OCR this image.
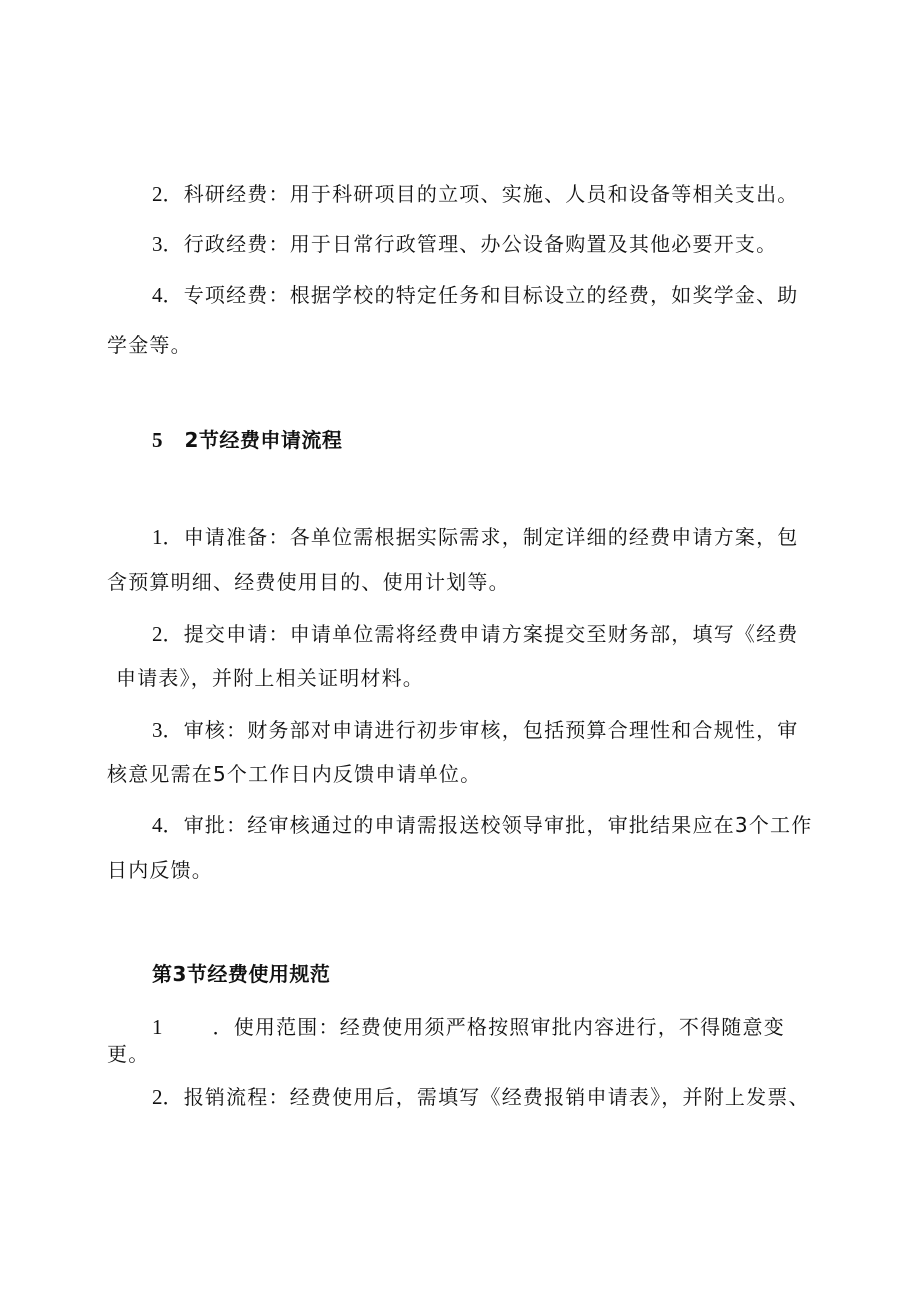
2．科研经费：用于科研项目的立项、实施、人员和设备等相关支出。
3．行政经费：用于日常行政管理、办公设备购置及其他必要开支。
4．专项经费：根据学校的特定任务和目标设立的经费，如奖学金、助
学金等。
5 2节经费申请流程
1．申请准备：各单位需根据实际需求，制定详细的经费申请方案，包
含预算明细、经费使用目的、使用计划等。
2．提交申请：申请单位需将经费申请方案提交至财务部，填写《经费
申请表》，并附上相关证明材料。
3．审核：财务部对申请进行初步审核，包括预算合理性和合规性，审
核意见需在5个工作日内反馈申请单位。
4．审批：经审核通过的申请需报送校领导审批，审批结果应在3个工作
日内反馈。
第3节经费使用规范
1	．使用范围：经费使用须严格按照审批内容进行，不得随意变
更。
2．报销流程：经费使用后，需填写《经费报销申请表》，并附上发票、
